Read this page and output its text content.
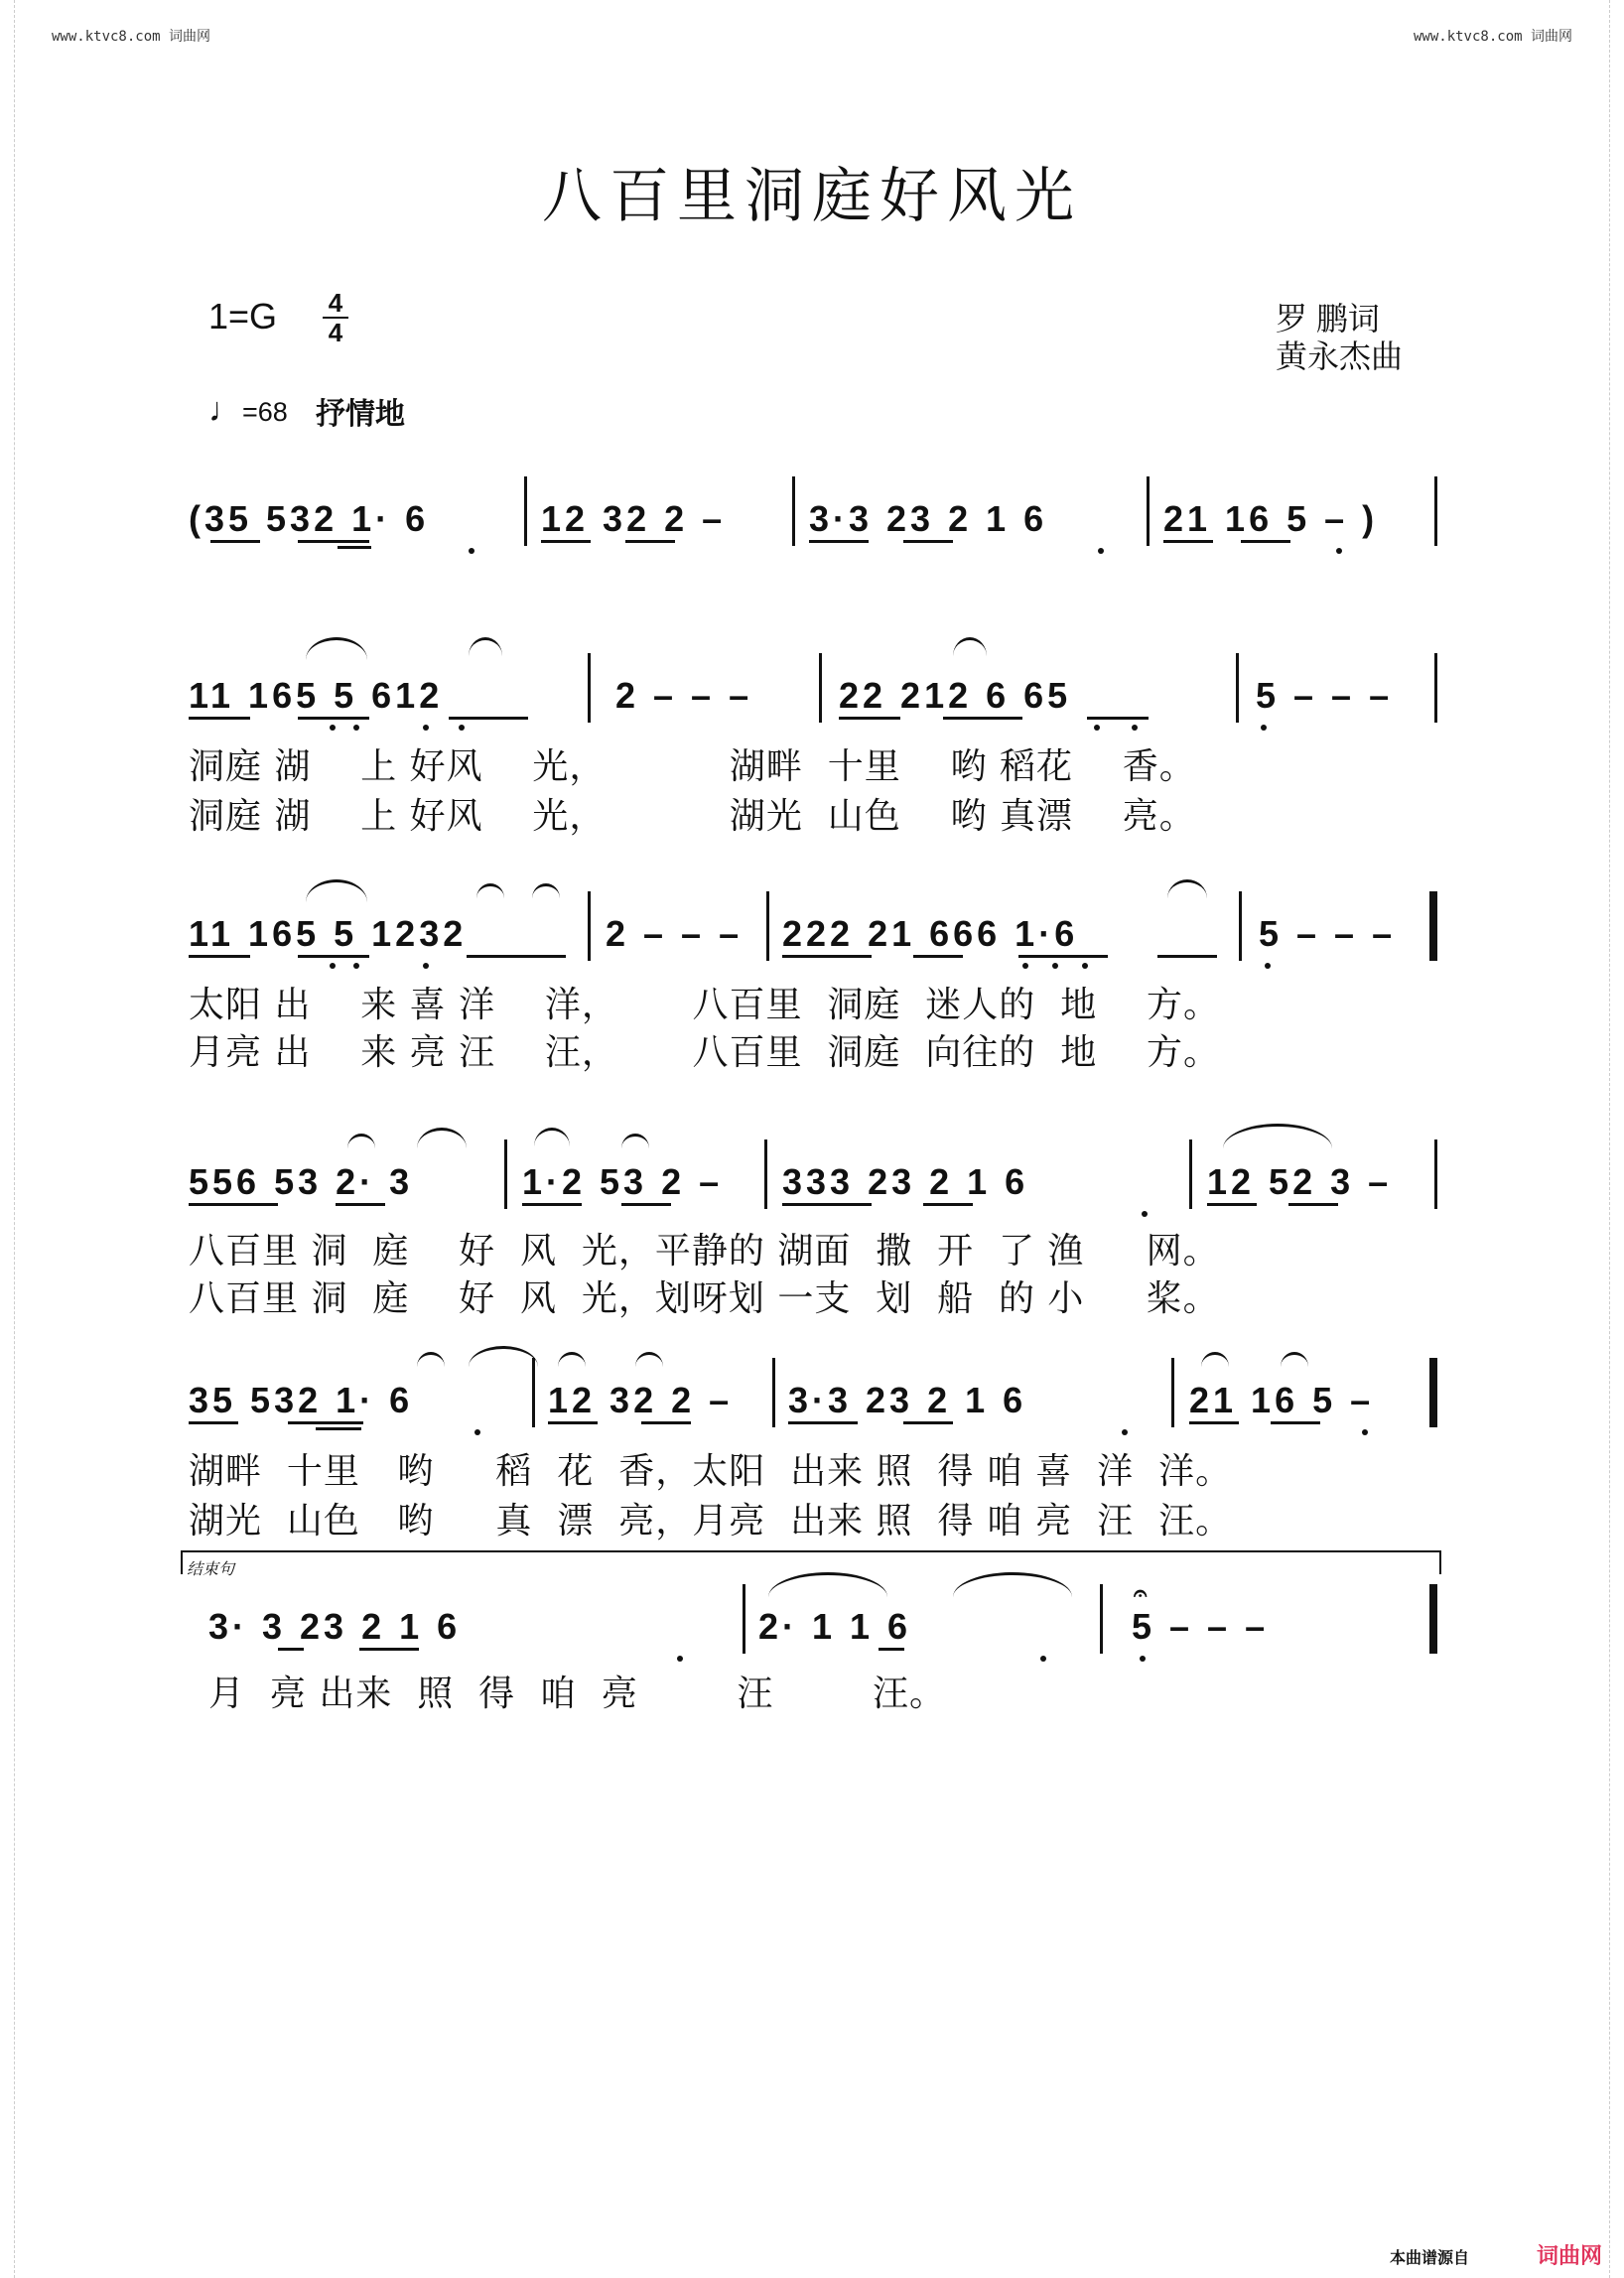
www.ktvc8.com 词曲网	www.ktvc8.com 词曲网
八百里洞庭好风光
1=G 4
4	罗 鹏词
黄永杰曲
♩=68 抒情地
(35 532 1· 6	12 32 2 – 3·3 23 2 1 6	21 16 5 – )
11 165 5 612	2 – – – 22 212 6 65	5 – – –
洞庭 湖    上 好风    光，          湖畔  十里    哟 稻花    香。
洞庭 湖    上 好风    光，          湖光  山色    哟 真漂    亮。
11 165 5 1232	2 – – – 222 21 666 1·6	5 – – –
太阳 出    来 喜 洋    洋，      八百里  洞庭  迷人的  地    方。
月亮 出    来 亮 汪    汪，      八百里  洞庭  向往的  地    方。
556 53 2· 3	1·2 53 2 – 333 23 2 1 6	12 52 3 –
八百里 洞  庭    好  风  光，平静的 湖面  撒  开  了 渔     网。
八百里 洞  庭    好  风  光，划呀划 一支  划  船  的 小     桨。
35 532 1· 6	12 32 2 – 3·3 23 2 1 6	21 16 5 –
湖畔  十里   哟     稻  花  香，太阳  出来 照  得 咱 喜  洋  洋。
湖光  山色   哟     真  漂  亮，月亮  出来 照  得 咱 亮  汪  汪。
结束句
3· 3 23 2 1 6	2· 1 1 6	5 – – –
𝄐
月  亮 出来  照  得  咱  亮        汪        汪。
本曲谱源自	词曲网
